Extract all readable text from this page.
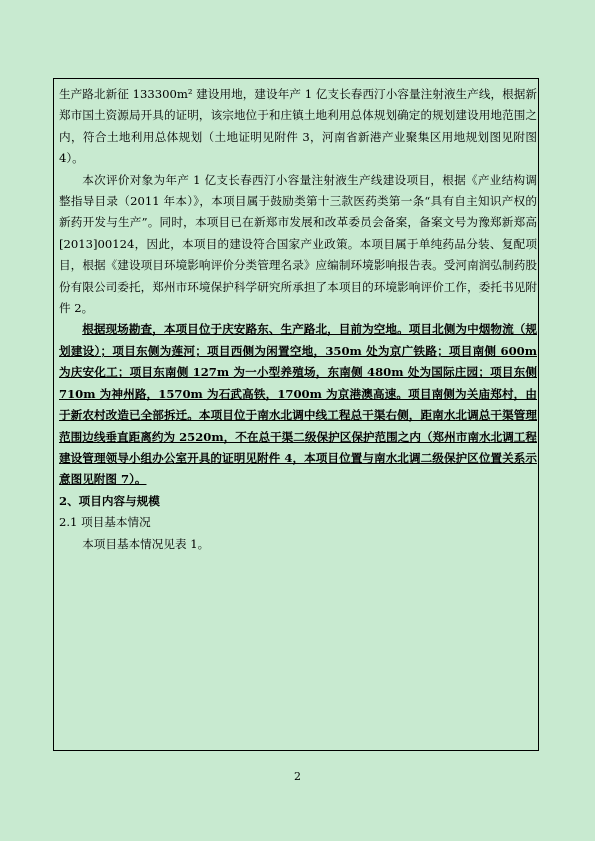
生产路北新征 133300m² 建设用地，建设年产 1 亿支长春西汀小容量注射液生产线，根据新郑市国土资源局开具的证明，该宗地位于和庄镇土地利用总体规划确定的规划建设用地范围之内，符合土地利用总体规划（土地证明见附件 3，河南省新港产业聚集区用地规划图见附图 4）。

本次评价对象为年产 1 亿支长春西汀小容量注射液生产线建设项目，根据《产业结构调整指导目录（2011 年本）》，本项目属于鼓励类第十三款医药类第一条“具有自主知识产权的新药开发与生产”。同时，本项目已在新郑市发展和改革委员会备案，备案文号为豫郑新郑高[2013]00124，因此，本项目的建设符合国家产业政策。本项目属于单纯药品分装、复配项目，根据《建设项目环境影响评价分类管理名录》应编制环境影响报告表。受河南润弘制药股份有限公司委托，郑州市环境保护科学研究所承担了本项目的环境影响评价工作，委托书见附件 2。

根据现场勘查，本项目位于庆安路东、生产路北，目前为空地。项目北侧为中烟物流（规划建设）；项目东侧为莲河；项目西侧为闲置空地，350m 处为京广铁路；项目南侧 600m 为庆安化工；项目东南侧 127m 为一小型养殖场，东南侧 480m 处为国际庄园；项目东侧 710m 为神州路，1570m 为石武高铁，1700m 为京港澳高速。项目南侧为关庙郑村，由于新农村改造已全部拆迁。本项目位于南水北调中线工程总干渠右侧，距南水北调总干渠管理范围边线垂直距离约为 2520m，不在总干渠二级保护区保护范围之内（郑州市南水北调工程建设管理领导小组办公室开具的证明见附件 4，本项目位置与南水北调二级保护区位置关系示意图见附图 7）。

2、项目内容与规模

2.1 项目基本情况

本项目基本情况见表 1。

2
